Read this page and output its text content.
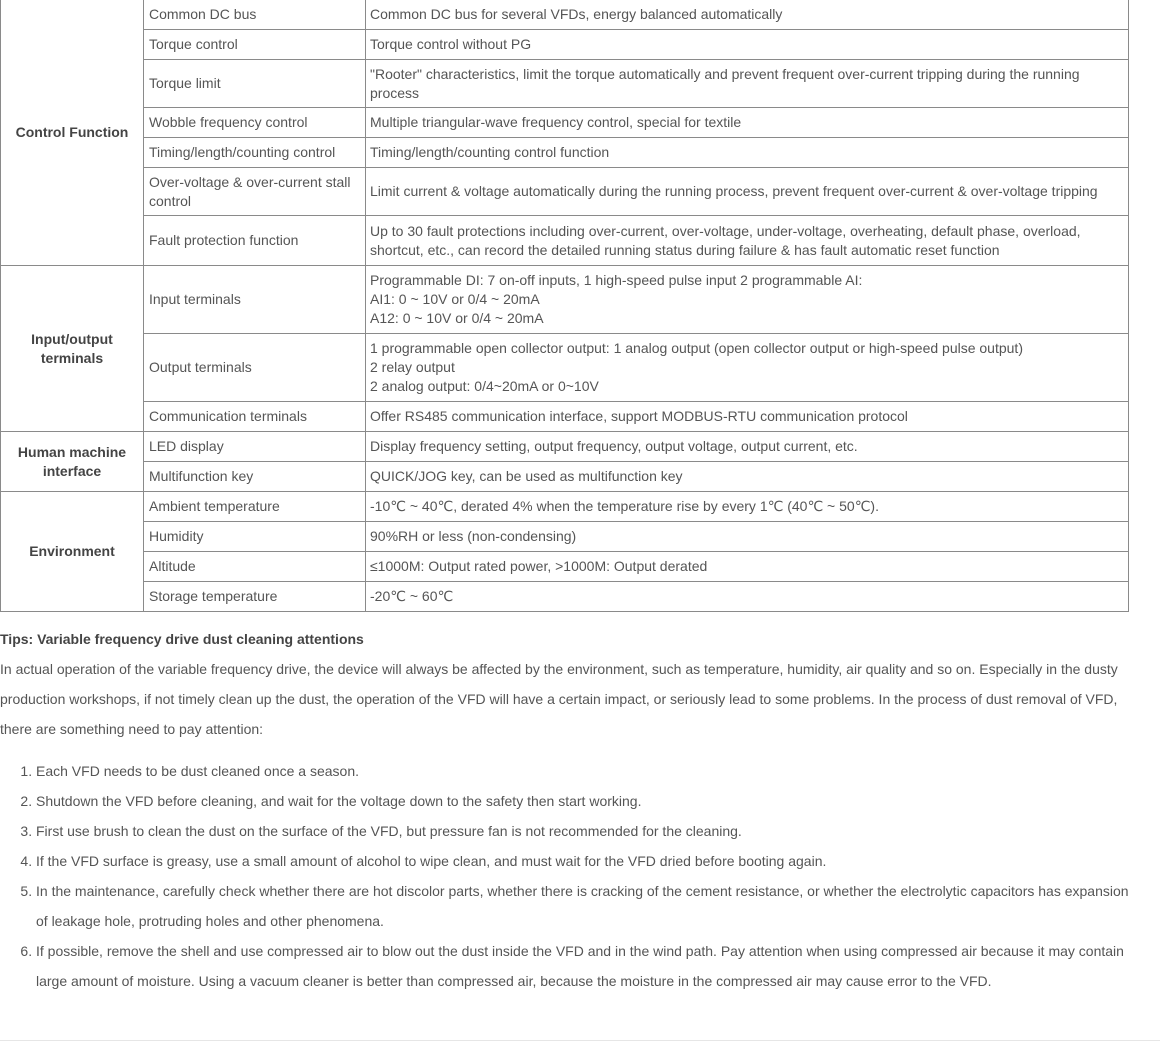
Control Function	Common DC bus	Common DC bus for several VFDs, energy balanced automatically
	Torque control	Torque control without PG
	Torque limit	"Rooter" characteristics, limit the torque automatically and prevent frequent over-current tripping during the running process
	Wobble frequency control	Multiple triangular-wave frequency control, special for textile
	Timing/length/counting control	Timing/length/counting control function
	Over-voltage & over-current stall control	Limit current & voltage automatically during the running process, prevent frequent over-current & over-voltage tripping
	Fault protection function	Up to 30 fault protections including over-current, over-voltage, under-voltage, overheating, default phase, overload, shortcut, etc., can record the detailed running status during failure & has fault automatic reset function
Input/output terminals	Input terminals	Programmable DI: 7 on-off inputs, 1 high-speed pulse input 2 programmable AI:
AI1: 0 ~ 10V or 0/4 ~ 20mA
A12: 0 ~ 10V or 0/4 ~ 20mA

	Output terminals	1 programmable open collector output: 1 analog output (open collector output or high-speed pulse output)
2 relay output
2 analog output: 0/4~20mA or 0~10V

	Communication terminals	Offer RS485 communication interface, support MODBUS-RTU communication protocol
Human machine interface	LED display	Display frequency setting, output frequency, output voltage, output current, etc.
	Multifunction key	QUICK/JOG key, can be used as multifunction key
Environment	Ambient temperature	-10℃ ~ 40℃, derated 4% when the temperature rise by every 1℃ (40℃ ~ 50℃).
	Humidity	90%RH or less (non-condensing)
	Altitude	≤1000M: Output rated power, >1000M: Output derated
	Storage temperature	-20℃ ~ 60℃
Tips: Variable frequency drive dust cleaning attentions

In actual operation of the variable frequency drive, the device will always be affected by the environment, such as temperature, humidity, air quality and so on. Especially in the dusty production workshops, if not timely clean up the dust, the operation of the VFD will have a certain impact, or seriously lead to some problems. In the process of dust removal of VFD, there are something need to pay attention:

1. Each VFD needs to be dust cleaned once a season.
2. Shutdown the VFD before cleaning, and wait for the voltage down to the safety then start working.
3. First use brush to clean the dust on the surface of the VFD, but pressure fan is not recommended for the cleaning.
4. If the VFD surface is greasy, use a small amount of alcohol to wipe clean, and must wait for the VFD dried before booting again.
5. In the maintenance, carefully check whether there are hot discolor parts, whether there is cracking of the cement resistance, or whether the electrolytic capacitors has expansion of leakage hole, protruding holes and other phenomena.
6. If possible, remove the shell and use compressed air to blow out the dust inside the VFD and in the wind path. Pay attention when using compressed air because it may contain large amount of moisture. Using a vacuum cleaner is better than compressed air, because the moisture in the compressed air may cause error to the VFD.
